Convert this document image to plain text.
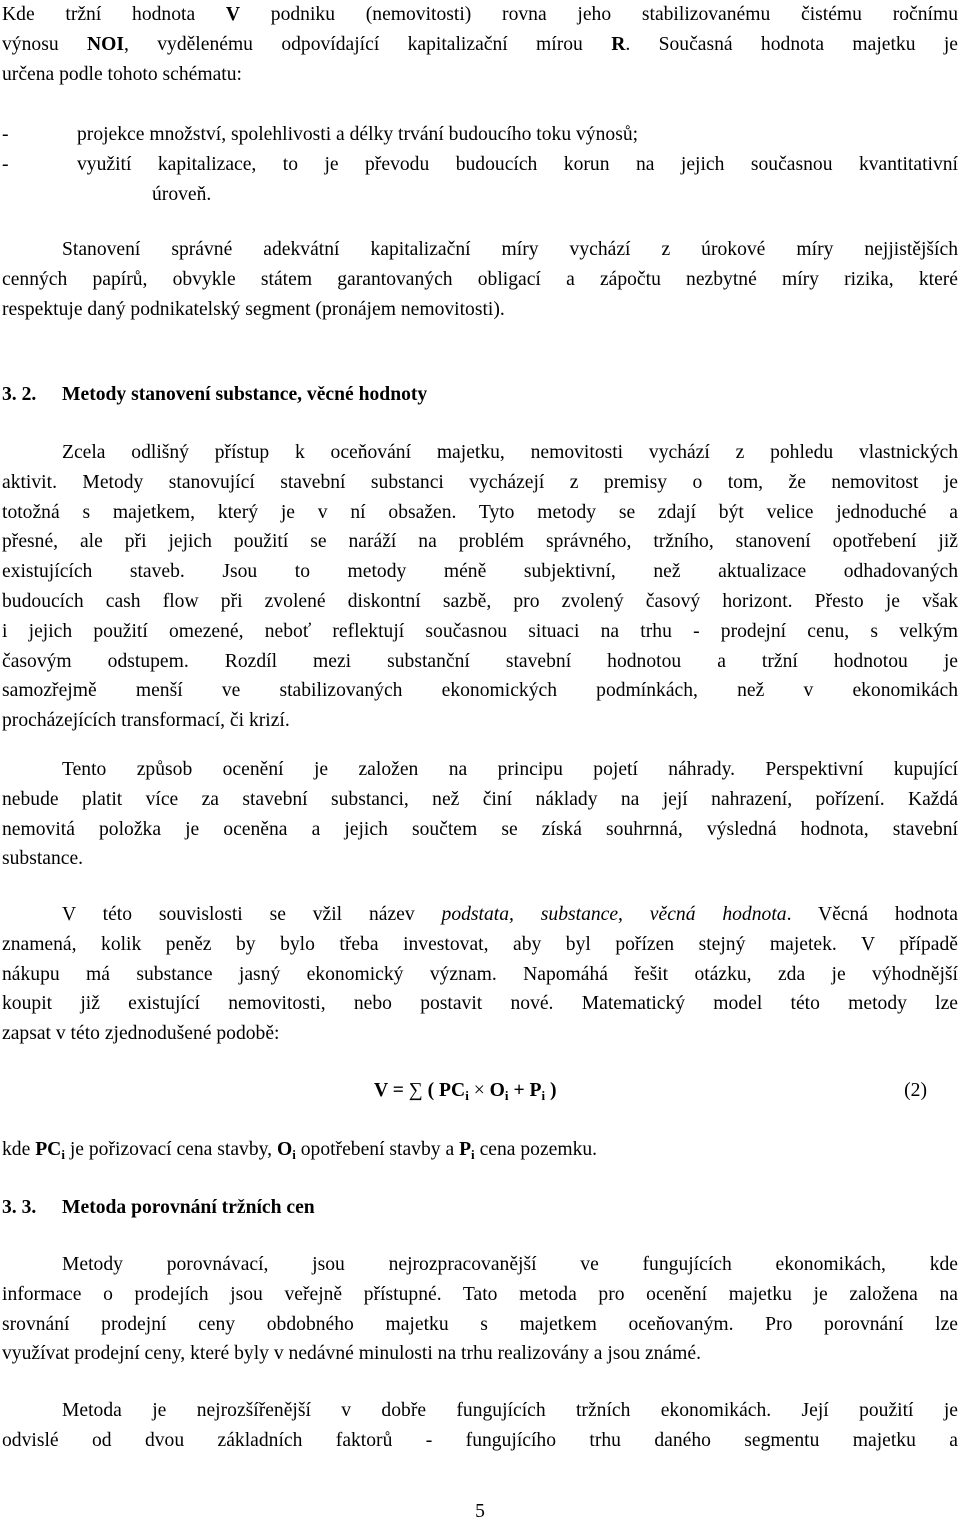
Kde tržní hodnota V podniku (nemovitosti) rovna jeho stabilizovanému čistému ročnímu
výnosu NOI, vydělenému odpovídající kapitalizační mírou R. Současná hodnota majetku je
určena podle tohoto schématu:
-	projekce množství, spolehlivosti a délky trvání budoucího toku výnosů;
-	využití kapitalizace, to je převodu budoucích korun na jejich současnou kvantitativní
úroveň.
Stanovení správné adekvátní kapitalizační míry vychází z úrokové míry nejjistějších
cenných papírů, obvykle státem garantovaných obligací a zápočtu nezbytné míry rizika, které
respektuje daný podnikatelský segment (pronájem nemovitosti).
3. 2. Metody stanovení substance, věcné hodnoty
Zcela odlišný přístup k oceňování majetku, nemovitosti vychází z pohledu vlastnických
aktivit. Metody stanovující stavební substanci vycházejí z premisy o tom, že nemovitost je
totožná s majetkem, který je v ní obsažen. Tyto metody se zdají být velice jednoduché a
přesné, ale při jejich použití se naráží na problém správného, tržního, stanovení opotřebení již
existujících staveb. Jsou to metody méně subjektivní, než aktualizace odhadovaných
budoucích cash flow při zvolené diskontní sazbě, pro zvolený časový horizont. Přesto je však
i jejich použití omezené, neboť reflektují současnou situaci na trhu - prodejní cenu, s velkým
časovým odstupem. Rozdíl mezi substanční stavební hodnotou a tržní hodnotou je
samozřejmě menší ve stabilizovaných ekonomických podmínkách, než v ekonomikách
procházejících transformací, či krizí.
Tento způsob ocenění je založen na principu pojetí náhrady. Perspektivní kupující
nebude platit více za stavební substanci, než činí náklady na její nahrazení, pořízení. Každá
nemovitá položka je oceněna a jejich součtem se získá souhrnná, výsledná hodnota, stavební
substance.
V této souvislosti se vžil název podstata, substance, věcná hodnota. Věcná hodnota
znamená, kolik peněz by bylo třeba investovat, aby byl pořízen stejný majetek. V případě
nákupu má substance jasný ekonomický význam. Napomáhá řešit otázku, zda je výhodnější
koupit již existující nemovitosti, nebo postavit nové. Matematický model této metody lze
zapsat v této zjednodušené podobě:
V = ∑ ( $PC_i \times O_i + P_i$ )	(2)
kde $PC_i$ je pořizovací cena stavby, $O_i$ opotřebení stavby a $P_i$ cena pozemku.
3. 3. Metoda porovnání tržních cen
Metody porovnávací, jsou nejrozpracovanější ve fungujících ekonomikách, kde
informace o prodejích jsou veřejně přístupné. Tato metoda pro ocenění majetku je založena na
srovnání prodejní ceny obdobného majetku s majetkem oceňovaným. Pro porovnání lze
využívat prodejní ceny, které byly v nedávné minulosti na trhu realizovány a jsou známé.
Metoda je nejrozšířenější v dobře fungujících tržních ekonomikách. Její použití je
odvislé od dvou základních faktorů - fungujícího trhu daného segmentu majetku a
5
